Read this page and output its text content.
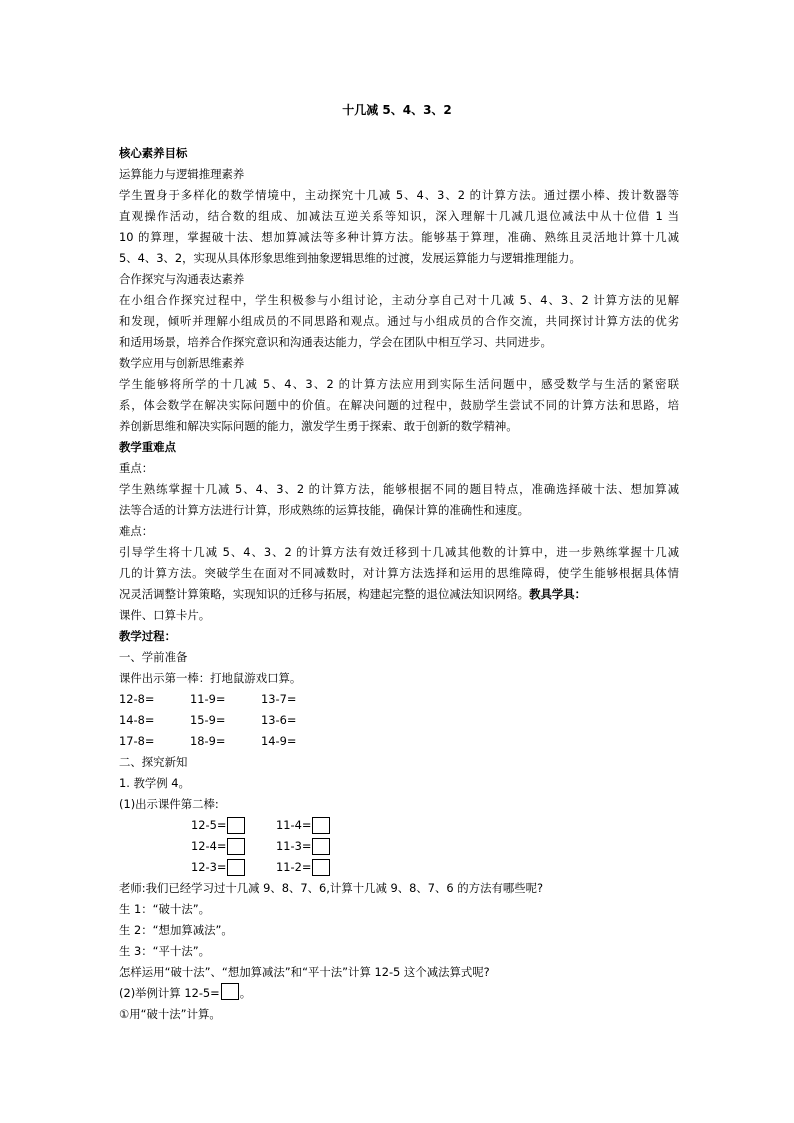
十几减 5、4、3、2

核心素养目标

运算能力与逻辑推理素养

学生置身于多样化的数学情境中，主动探究十几减 5、4、3、2 的计算方法。通过摆小棒、拨计数器等

直观操作活动，结合数的组成、加减法互逆关系等知识，深入理解十几减几退位减法中从十位借 1 当

10 的算理，掌握破十法、想加算减法等多种计算方法。能够基于算理，准确、熟练且灵活地计算十几减

5、4、3、2，实现从具体形象思维到抽象逻辑思维的过渡，发展运算能力与逻辑推理能力。

合作探究与沟通表达素养

在小组合作探究过程中，学生积极参与小组讨论，主动分享自己对十几减 5、4、3、2 计算方法的见解

和发现，倾听并理解小组成员的不同思路和观点。通过与小组成员的合作交流，共同探讨计算方法的优劣

和适用场景，培养合作探究意识和沟通表达能力，学会在团队中相互学习、共同进步。

数学应用与创新思维素养

学生能够将所学的十几减 5、4、3、2 的计算方法应用到实际生活问题中，感受数学与生活的紧密联

系，体会数学在解决实际问题中的价值。在解决问题的过程中，鼓励学生尝试不同的计算方法和思路，培

养创新思维和解决实际问题的能力，激发学生勇于探索、敢于创新的数学精神。

教学重难点

重点：

学生熟练掌握十几减 5、4、3、2 的计算方法，能够根据不同的题目特点，准确选择破十法、想加算减

法等合适的计算方法进行计算，形成熟练的运算技能，确保计算的准确性和速度。

难点：

引导学生将十几减 5、4、3、2 的计算方法有效迁移到十几减其他数的计算中，进一步熟练掌握十几减

几的计算方法。突破学生在面对不同减数时，对计算方法选择和运用的思维障碍，使学生能够根据具体情

况灵活调整计算策略，实现知识的迁移与拓展，构建起完整的退位减法知识网络。教具学具：

课件、口算卡片。

教学过程：

一、学前准备

课件出示第一棒：打地鼠游戏口算。

12-8=	11-9=	13-7=
14-8=	15-9=	13-6=
17-8=	18-9=	14-9=

二、探究新知

1. 教学例 4。

(1)出示课件第二棒:

12-5=	11-4=
12-4=	11-3=
12-3=	11-2=

老师:我们已经学习过十几减 9、8、7、6,计算十几减 9、8、7、6 的方法有哪些呢?

生 1：“破十法”。

生 2：“想加算减法”。

生 3：“平十法”。

怎样运用“破十法”、“想加算减法”和“平十法”计算 12-5 这个减法算式呢?

(2)举例计算 12-5= 。

①用“破十法”计算。
